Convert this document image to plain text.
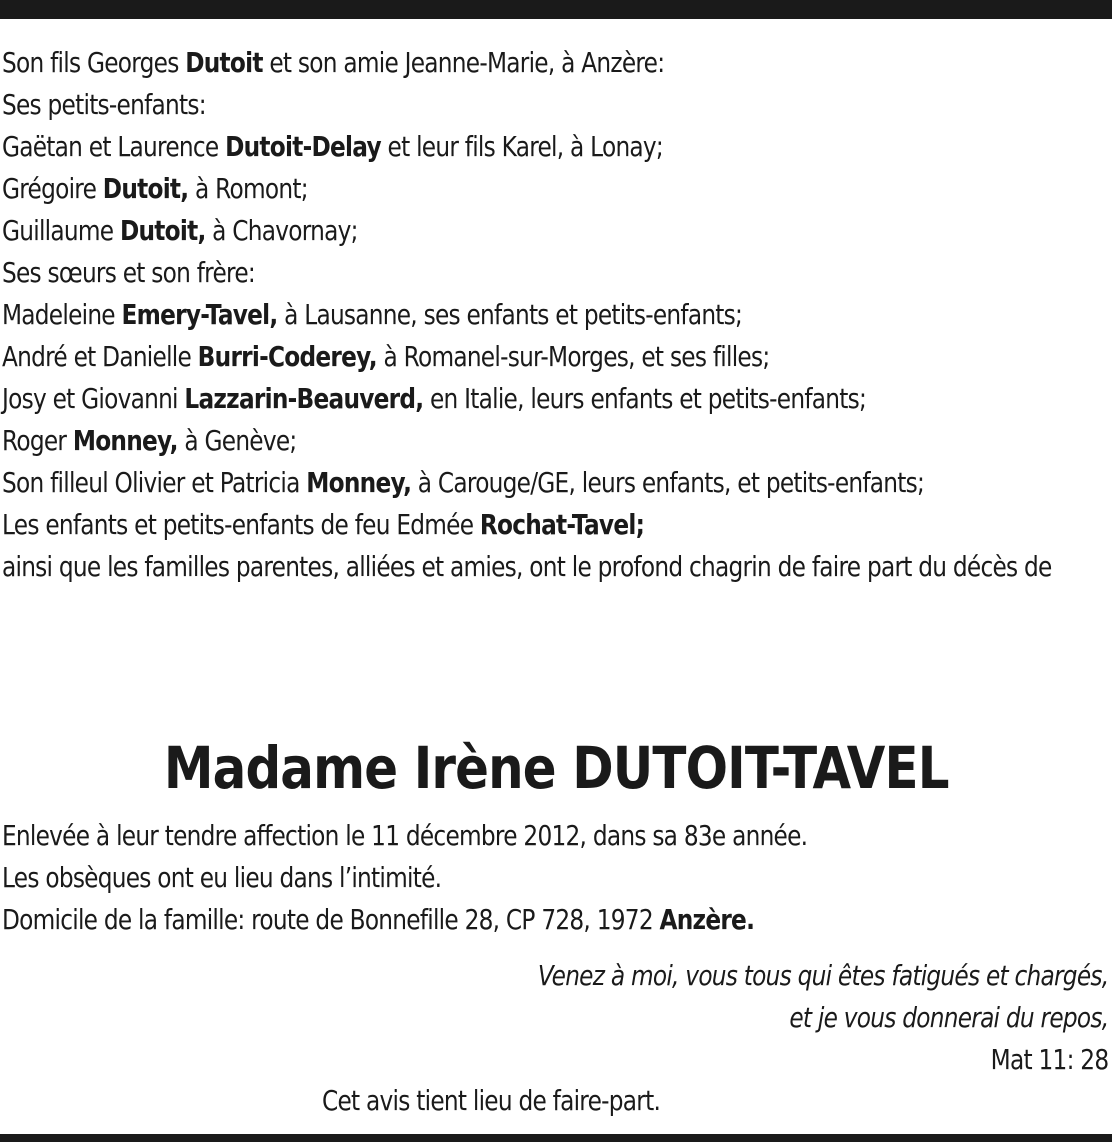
Son fils Georges Dutoit et son amie Jeanne-Marie, à Anzère:
Ses petits-enfants:
Gaëtan et Laurence Dutoit-Delay et leur fils Karel, à Lonay;
Grégoire Dutoit, à Romont;
Guillaume Dutoit, à Chavornay;
Ses sœurs et son frère:
Madeleine Emery-Tavel, à Lausanne, ses enfants et petits-enfants;
André et Danielle Burri-Coderey, à Romanel-sur-Morges, et ses filles;
Josy et Giovanni Lazzarin-Beauverd, en Italie, leurs enfants et petits-enfants;
Roger Monney, à Genève;
Son filleul Olivier et Patricia Monney, à Carouge/GE, leurs enfants, et petits-enfants;
Les enfants et petits-enfants de feu Edmée Rochat-Tavel;
ainsi que les familles parentes, alliées et amies, ont le profond chagrin de faire part du décès de
Madame Irène DUTOIT-TAVEL
Enlevée à leur tendre affection le 11 décembre 2012, dans sa 83e année.
Les obsèques ont eu lieu dans l’intimité.
Domicile de la famille: route de Bonnefille 28, CP 728, 1972 Anzère.
Venez à moi, vous tous qui êtes fatigués et chargés,
et je vous donnerai du repos,
Mat 11: 28
Cet avis tient lieu de faire-part.
